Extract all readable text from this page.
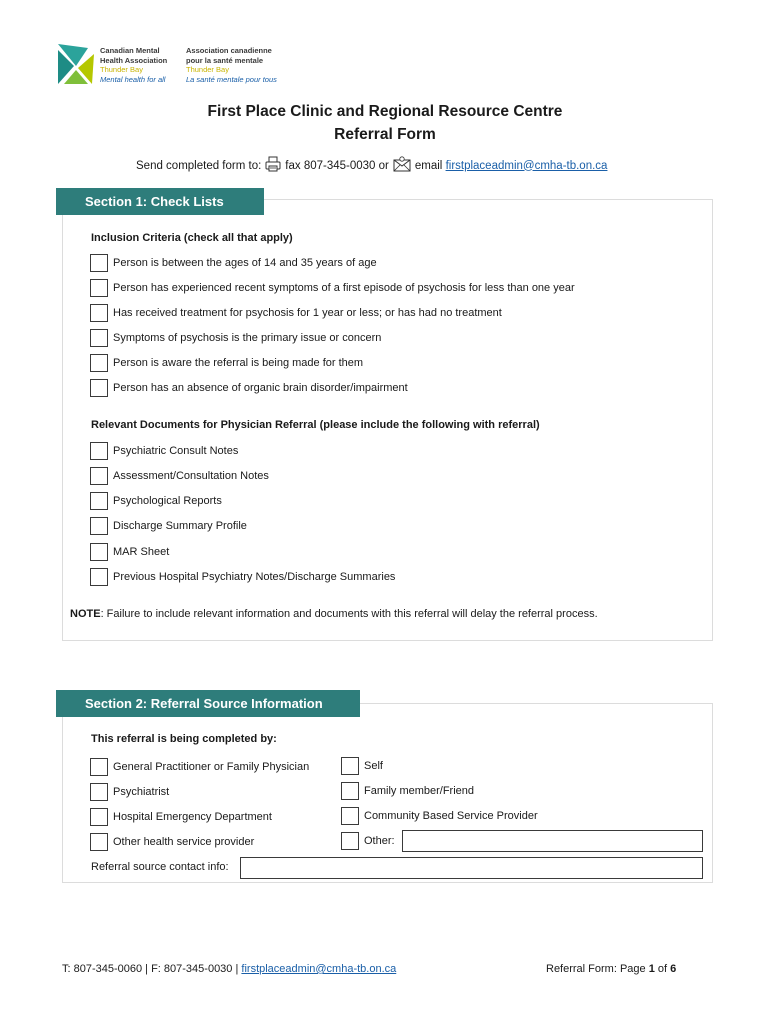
Canadian Mental
Health Association
Thunder Bay
Mental health for all
Association canadienne
pour la santé mentale
Thunder Bay
La santé mentale pour tous
First Place Clinic and Regional Resource Centre
Referral Form
Send completed form to: fax 807-345-0030 or email
firstplaceadmin@cmha-tb.on.ca
Section 1: Check Lists
Inclusion Criteria (check all that apply)
Person is between the ages of 14 and 35 years of age
Person has experienced recent symptoms of a first episode of psychosis for less than one year
Has received treatment for psychosis for 1 year or less; or has had no treatment
Symptoms of psychosis is the primary issue or concern
Person is aware the referral is being made for them
Person has an absence of organic brain disorder/impairment
Relevant Documents for Physician Referral (please include the following with referral)
Psychiatric Consult Notes
Assessment/Consultation Notes
Psychological Reports
Discharge Summary Profile
MAR Sheet
Previous Hospital Psychiatry Notes/Discharge Summaries
NOTE: Failure to include relevant information and documents with this referral will delay the referral process.
Section 2: Referral Source Information
This referral is being completed by:
General Practitioner or Family Physician
Psychiatrist
Hospital Emergency Department
Other health service provider
Self
Family member/Friend
Community Based Service Provider
Other:
Referral source contact info:
T: 807-345-0060 | F: 807-345-0030 | firstplaceadmin@cmha-tb.on.ca	Referral Form: Page 1 of 6
